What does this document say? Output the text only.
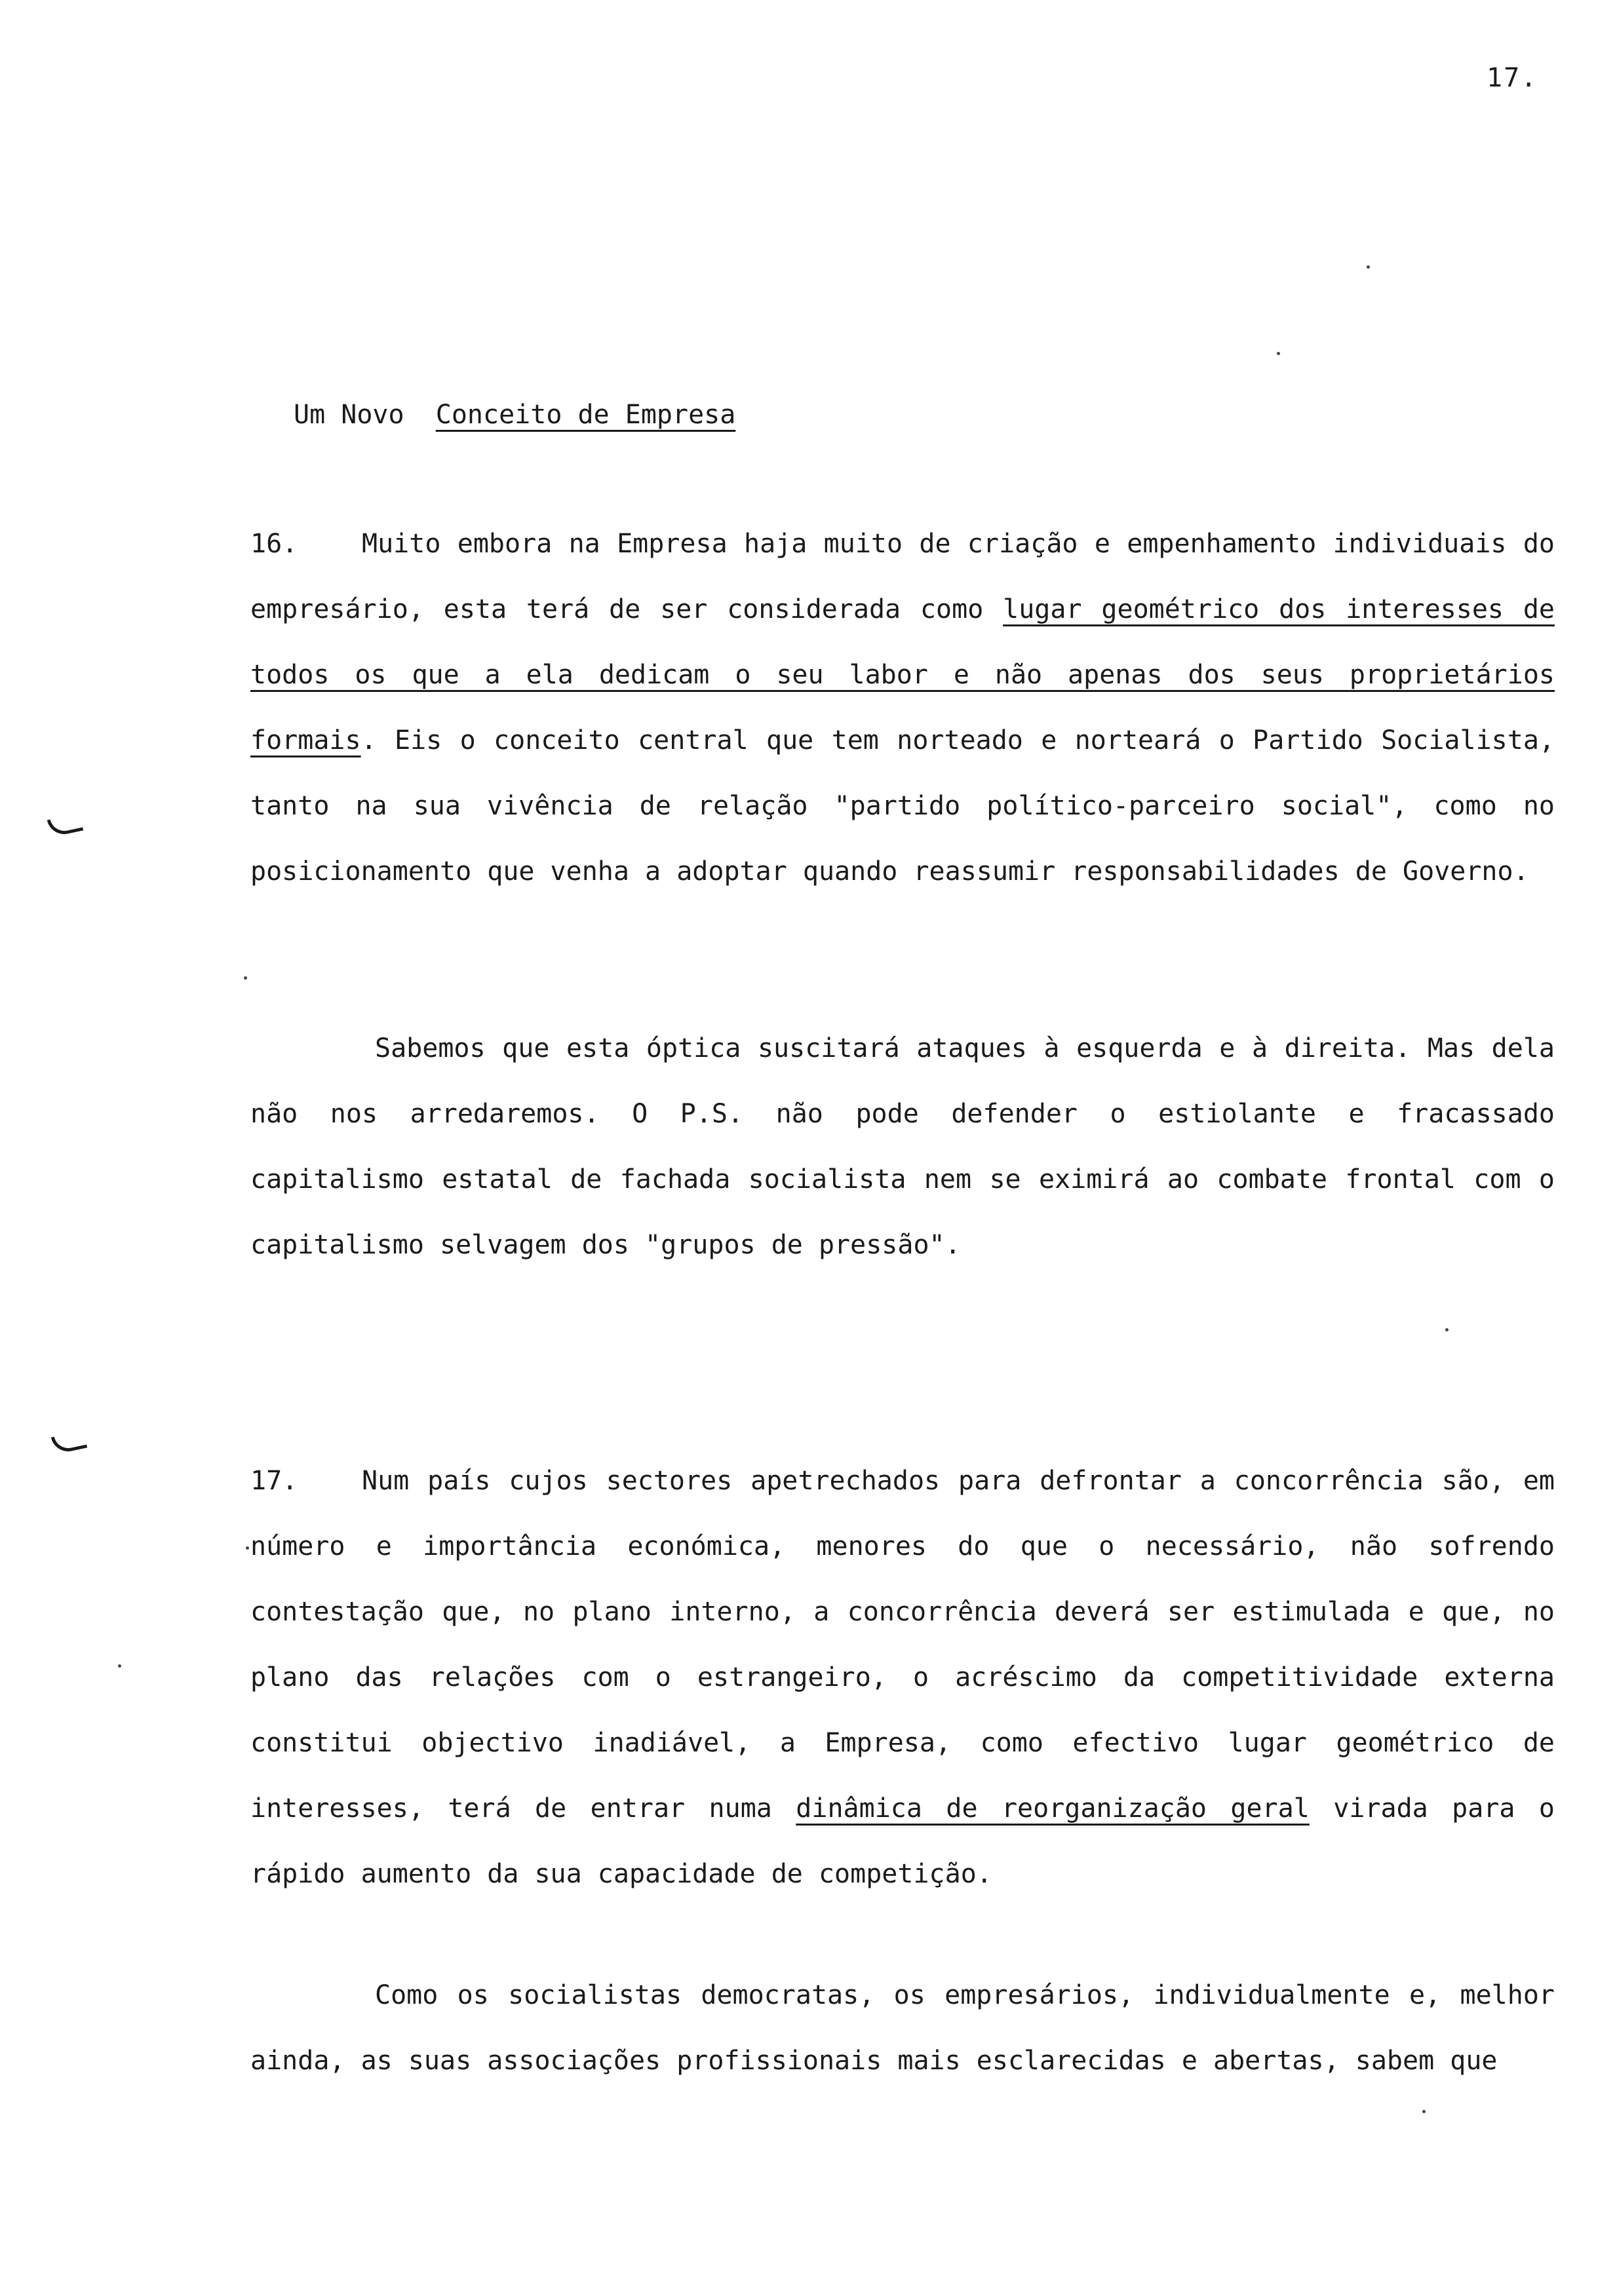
17.
Um Novo  Conceito de Empresa

16. Muito embora na Empresa haja muito de criação e empenhamento individuais do empresário, esta terá de ser considerada como lugar geométrico dos interesses de todos os que a ela dedicam o seu labor e não apenas dos seus proprietários formais. Eis o conceito central que tem norteado e norteará o Partido Socialista, tanto na sua vivência de relação "partido político-parceiro social", como no posicionamento que venha a adoptar quando reassumir responsabilidades de Governo.

Sabemos que esta óptica suscitará ataques à esquerda e à direita. Mas dela não nos arredaremos. O P.S. não pode defender o estiolante e fracassado capitalismo estatal de fachada socialista nem se eximirá ao combate frontal com o capitalismo selvagem dos "grupos de pressão".

17. Num país cujos sectores apetrechados para defrontar a concorrência são, em número e importância económica, menores do que o necessário, não sofrendo contestação que, no plano interno, a concorrência deverá ser estimulada e que, no plano das relações com o estrangeiro, o acréscimo da competitividade externa constitui objectivo inadiável, a Empresa, como efectivo lugar geométrico de interesses, terá de entrar numa dinâmica de reorganização geral virada para o rápido aumento da sua capacidade de competição.

Como os socialistas democratas, os empresários, individualmente e, melhor ainda, as suas associações profissionais mais esclarecidas e abertas, sabem que
